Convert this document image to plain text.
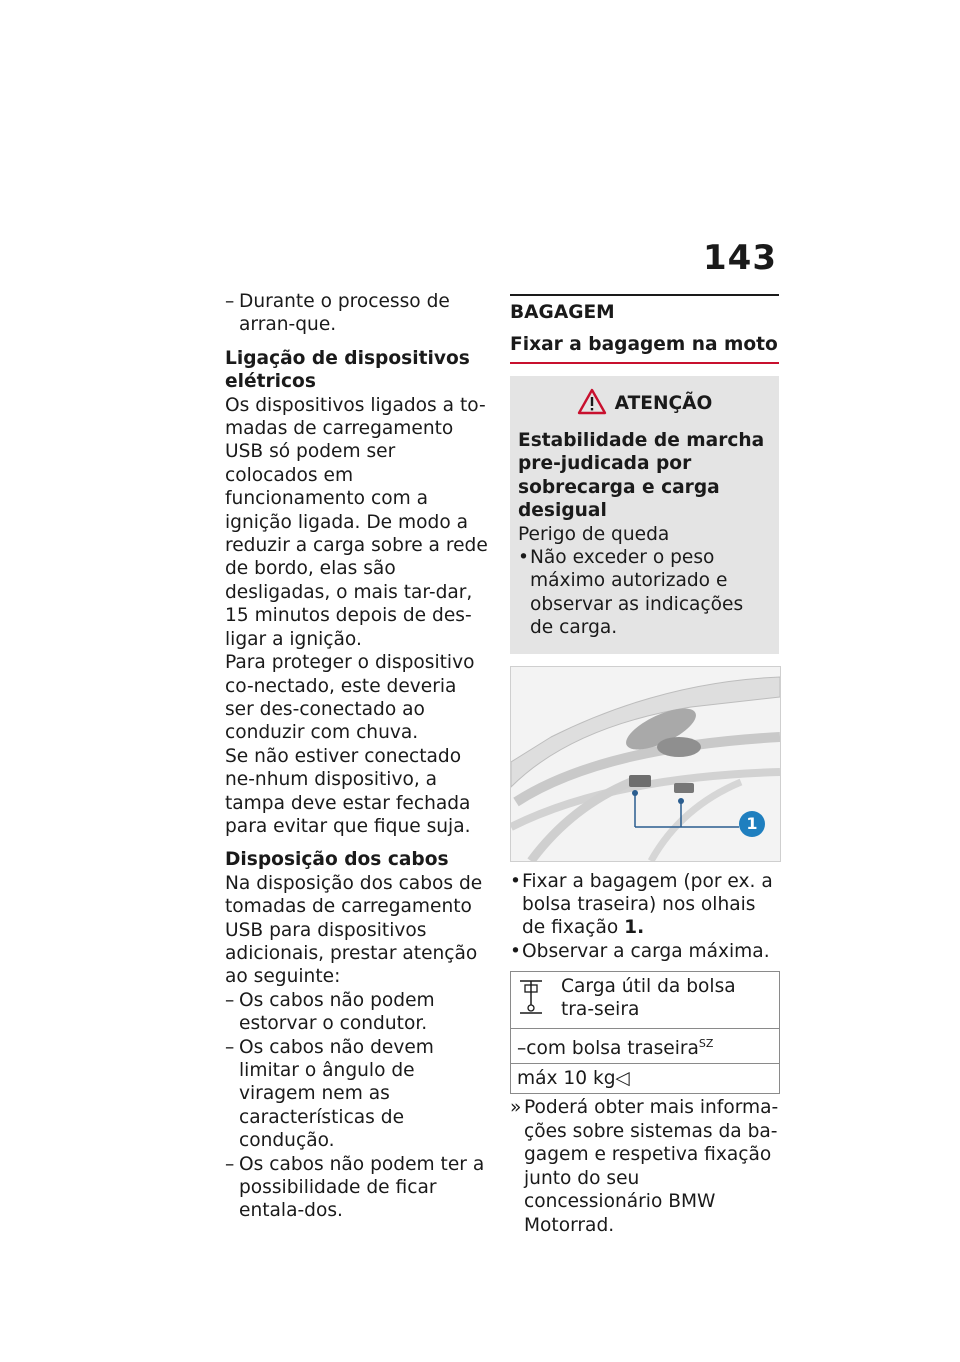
143
– Durante o processo de arran-que.

Ligação de dispositivos elétricos

Os dispositivos ligados a to-madas de carregamento USB só podem ser colocados em funcionamento com a ignição ligada. De modo a reduzir a carga sobre a rede de bordo, elas são desligadas, o mais tar-dar, 15 minutos depois de des-ligar a ignição.

Para proteger o dispositivo co-nectado, este deveria ser des-conectado ao conduzir com chuva.

Se não estiver conectado ne-nhum dispositivo, a tampa deve estar fechada para evitar que fique suja.

Disposição dos cabos

Na disposição dos cabos de tomadas de carregamento USB para dispositivos adicionais, prestar atenção ao seguinte:

– Os cabos não podem estorvar o condutor.
– Os cabos não devem limitar o ângulo de viragem nem as características de condução.
– Os cabos não podem ter a possibilidade de ficar entala-dos.

BAGAGEM

Fixar a bagagem na moto

ATENÇÃO

Estabilidade de marcha pre-judicada por sobrecarga e carga desigual

Perigo de queda

• Não exceder o peso máximo autorizado e observar as indicações de carga.
1
• Fixar a bagagem (por ex. a bolsa traseira) nos olhais de fixação 1.
• Observar a carga máxima.
Carga útil da bolsa tra-seira
–com bolsa traseira$^{SZ}$
máx 10 kg◁
» Poderá obter mais informa-ções sobre sistemas da ba-gagem e respetiva fixação junto do seu concessionário BMW Motorrad.
